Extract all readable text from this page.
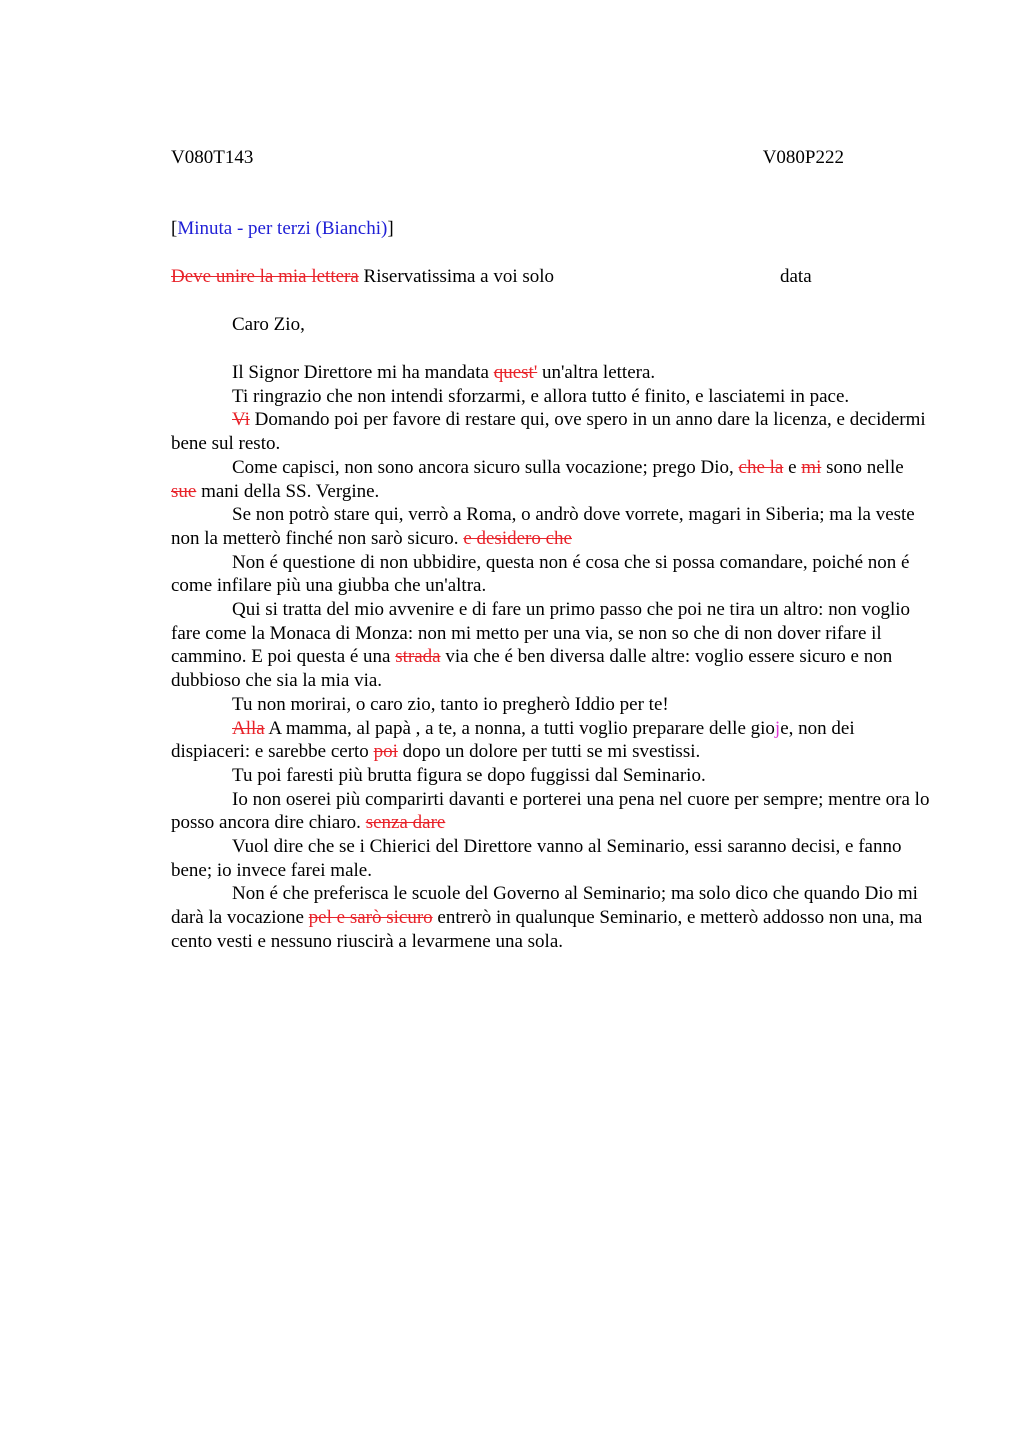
V080T143	V080P222
[Minuta - per terzi (Bianchi)]
Deve unire la mia lettera Riservatissima a voi solo	data
Caro Zio,

Il Signor Direttore mi ha mandata quest' un'altra lettera.

Ti ringrazio che non intendi sforzarmi, e allora tutto é finito, e lasciatemi in pace.

Vi Domando poi per favore di restare qui, ove spero in un anno dare la licenza, e decidermi bene sul resto.

Come capisci, non sono ancora sicuro sulla vocazione; prego Dio, che la e mi sono nelle sue mani della SS. Vergine.

Se non potrò stare qui, verrò a Roma, o andrò dove vorrete, magari in Siberia; ma la veste non la metterò finché non sarò sicuro. e desidero che

Non é questione di non ubbidire, questa non é cosa che si possa comandare, poiché non é come infilare più una giubba che un'altra.

Qui si tratta del mio avvenire e di fare un primo passo che poi ne tira un altro: non voglio fare come la Monaca di Monza: non mi metto per una via, se non so che di non dover rifare il cammino. E poi questa é una strada via che é ben diversa dalle altre: voglio essere sicuro e non dubbioso che sia la mia via.

Tu non morirai, o caro zio, tanto io pregherò Iddio per te!

Alla A mamma, al papà , a te, a nonna, a tutti voglio preparare delle gioje, non dei dispiaceri: e sarebbe certo poi dopo un dolore per tutti se mi svestissi.

Tu poi faresti più brutta figura se dopo fuggissi dal Seminario.

Io non oserei più comparirti davanti e porterei una pena nel cuore per sempre; mentre ora lo posso ancora dire chiaro. senza dare

Vuol dire che se i Chierici del Direttore vanno al Seminario, essi saranno decisi, e fanno bene; io invece farei male.

Non é che preferisca le scuole del Governo al Seminario; ma solo dico che quando Dio mi darà la vocazione pel e sarò sicuro entrerò in qualunque Seminario, e metterò addosso non una, ma cento vesti e nessuno riuscirà a levarmene una sola.
